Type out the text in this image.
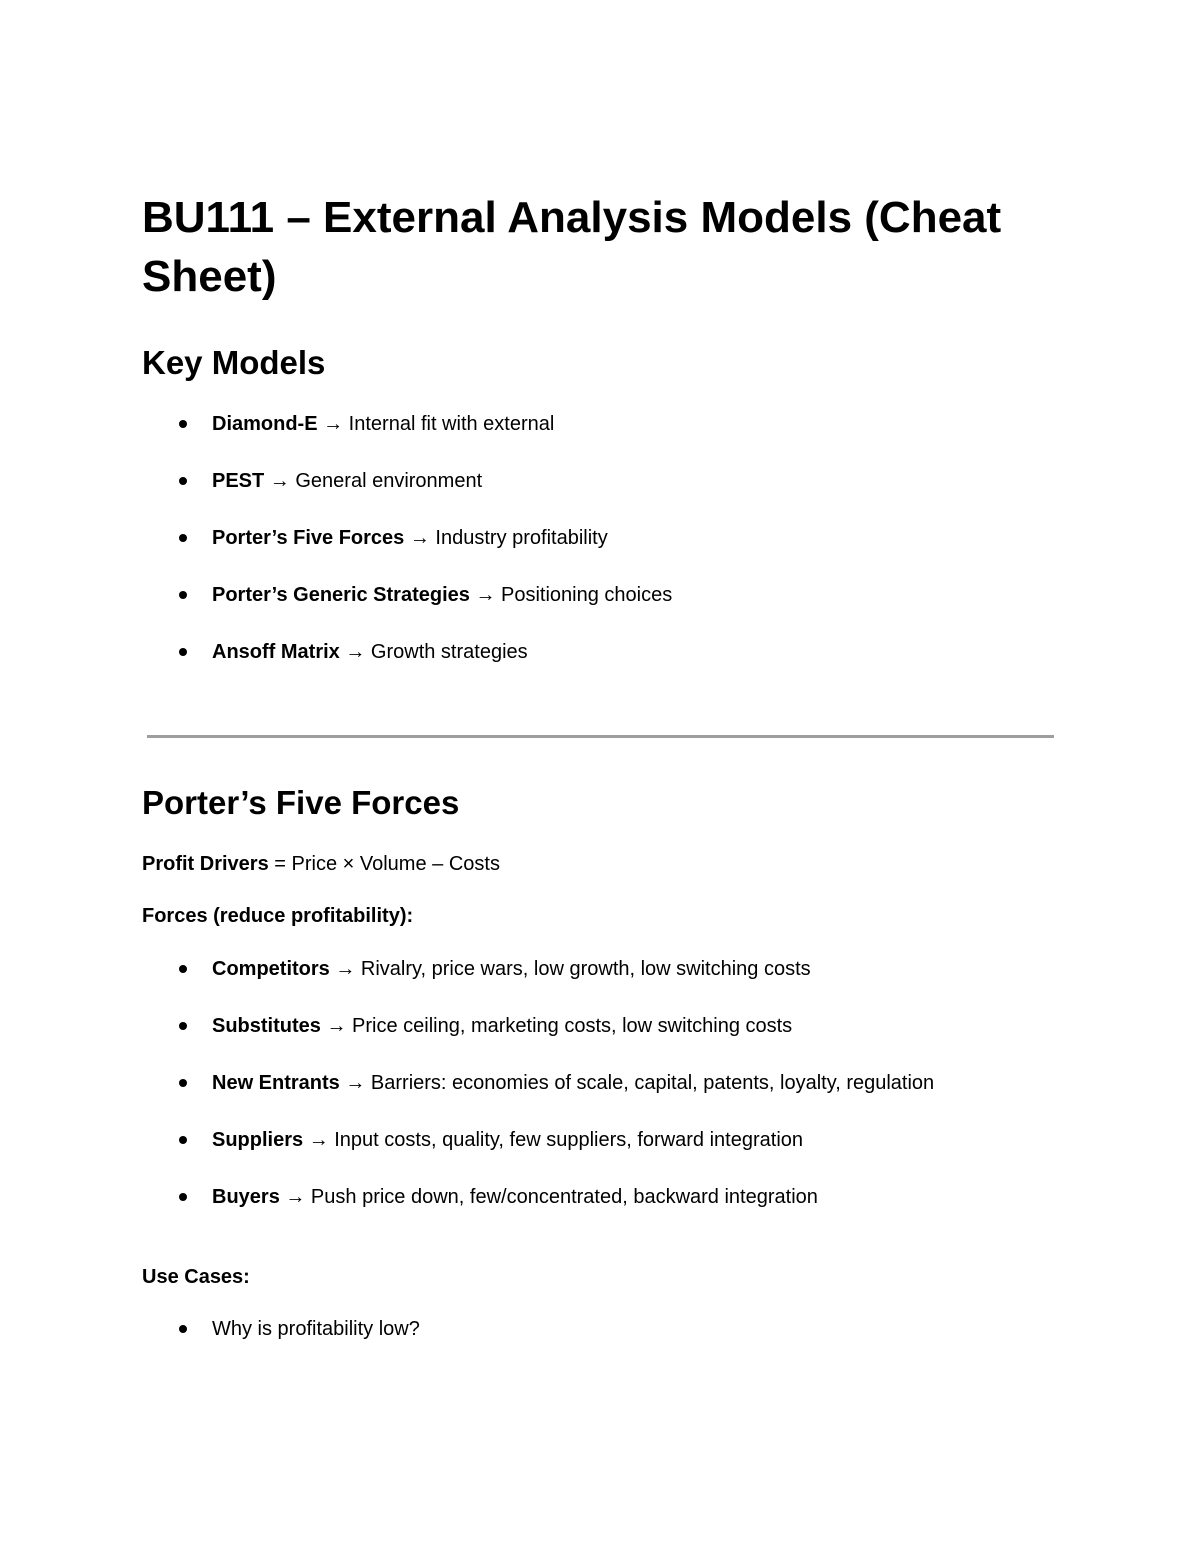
BU111 – External Analysis Models (Cheat Sheet)
Key Models
Diamond-E → Internal fit with external
PEST → General environment
Porter’s Five Forces → Industry profitability
Porter’s Generic Strategies → Positioning choices
Ansoff Matrix → Growth strategies
Porter’s Five Forces

Profit Drivers = Price × Volume – Costs

Forces (reduce profitability):

Competitors → Rivalry, price wars, low growth, low switching costs
Substitutes → Price ceiling, marketing costs, low switching costs
New Entrants → Barriers: economies of scale, capital, patents, loyalty, regulation
Suppliers → Input costs, quality, few suppliers, forward integration
Buyers → Push price down, few/concentrated, backward integration

Use Cases:

Why is profitability low?
